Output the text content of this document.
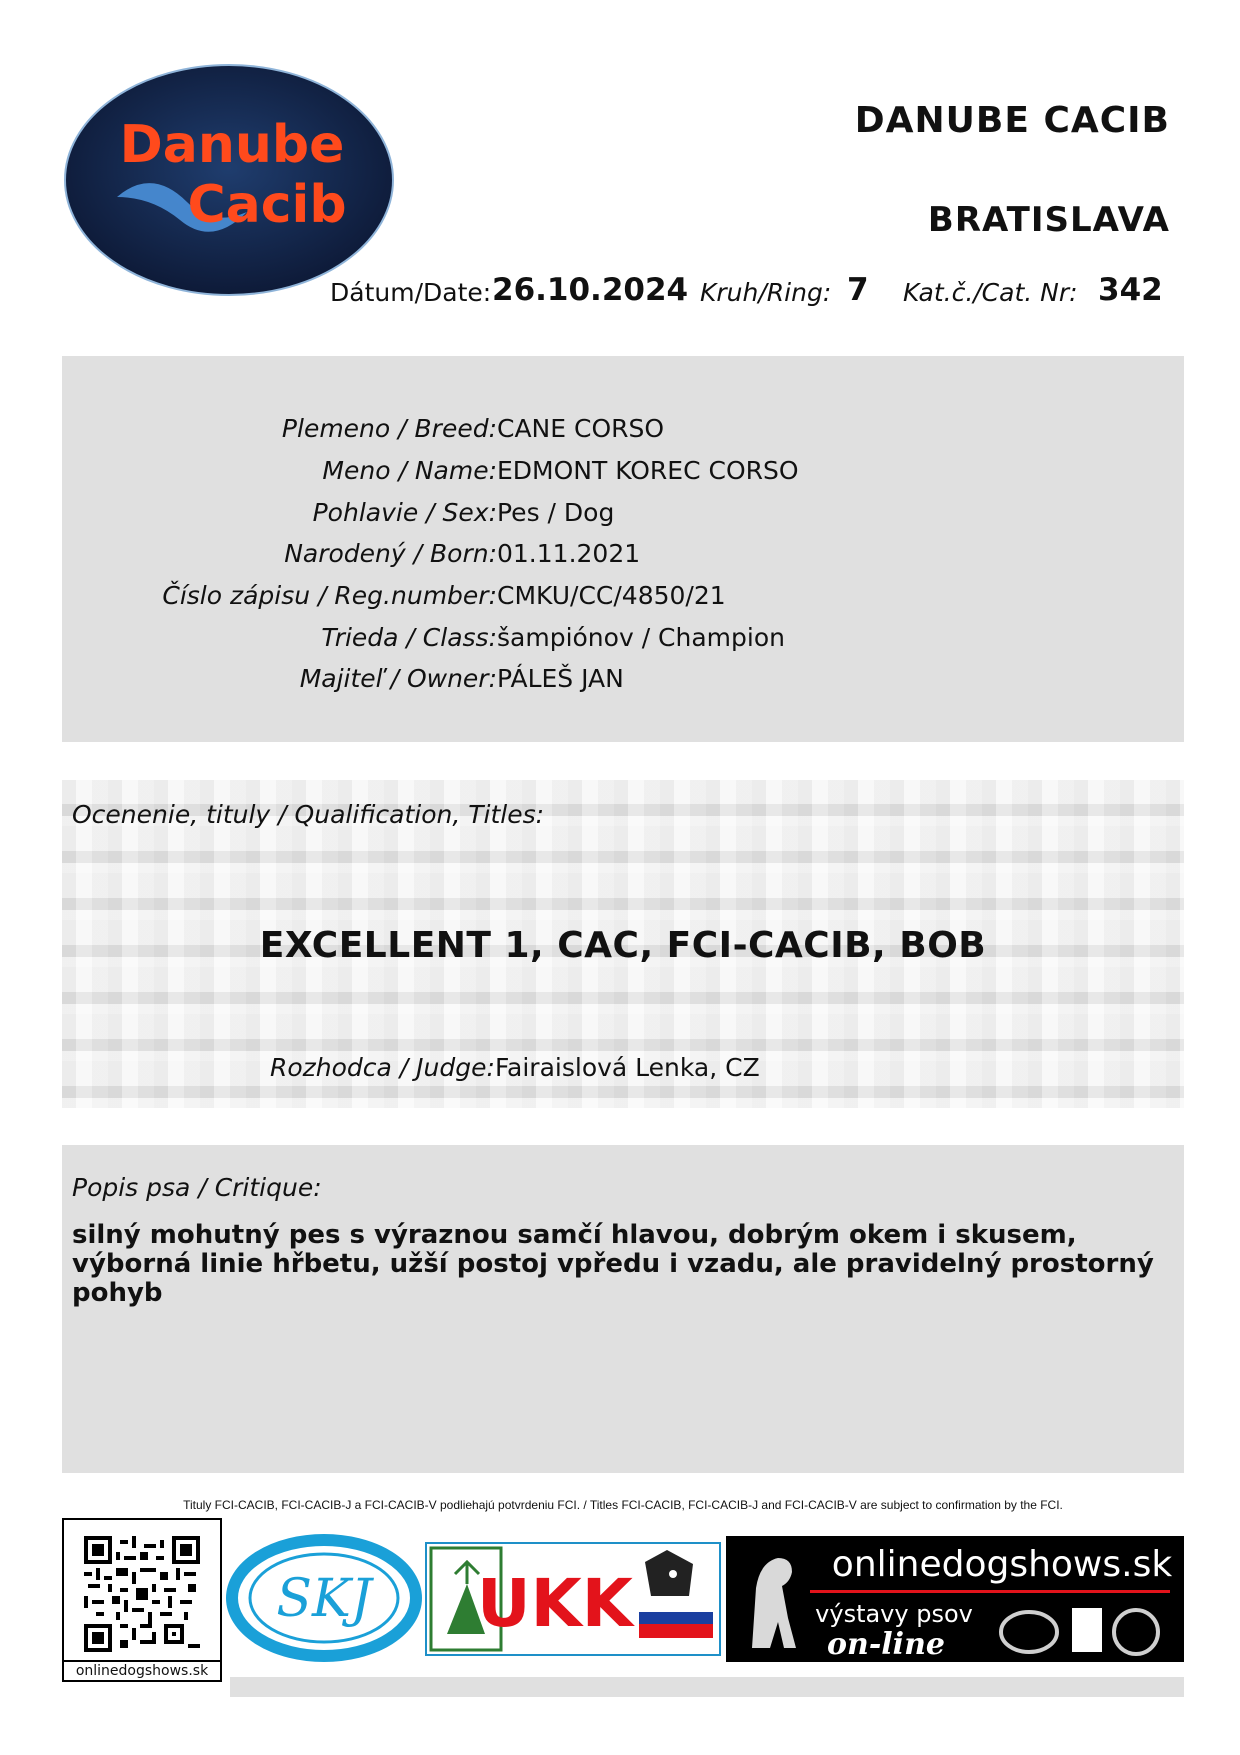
Danube
Cacib
DANUBE CACIB
BRATISLAVA
Dátum/Date: 26.10.2024 Kruh/Ring: 7 Kat.č./Cat. Nr: 342
Plemeno / Breed: CANE CORSO
Meno / Name: EDMONT KOREC CORSO
Pohlavie / Sex: Pes / Dog
Narodený / Born: 01.11.2021
Číslo zápisu / Reg.number: CMKU/CC/4850/21
Trieda / Class: šampiónov / Champion
Majiteľ / Owner: PÁLEŠ JAN
Ocenenie, tituly / Qualification, Titles:
EXCELLENT 1, CAC, FCI-CACIB, BOB
Rozhodca / Judge:Fairaislová Lenka, CZ
Popis psa / Critique:
silný mohutný pes s výraznou samčí hlavou, dobrým okem i skusem, výborná linie hřbetu, užší postoj vpředu i vzadu, ale pravidelný prostorný pohyb
Tituly FCI-CACIB, FCI-CACIB-J a FCI-CACIB-V podliehajú potvrdeniu FCI. / Titles FCI-CACIB, FCI-CACIB-J and FCI-CACIB-V are subject to confirmation by the FCI.
onlinedogshows.sk
SKJ UKK
onlinedogshows.sk
výstavy psov
on-line
